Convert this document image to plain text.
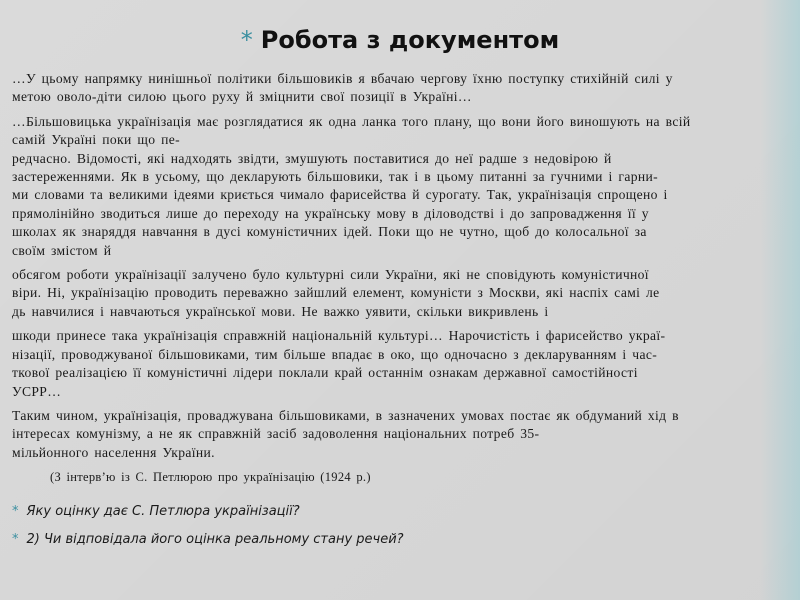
* Робота з документом
…У цьому напрямку нинішньої політики більшовиків я вбачаю чергову їхню поступку стихійній силі у
метою оволо-діти силою цього руху й зміцнити свої позиції в Україні…
…Більшовицька українізація має розглядатися як одна ланка того плану, що вони його виношують на всій
самій Україні поки що пе-
редчасно. Відомості, які надходять звідти, змушують поставитися до неї радше з недовірою й
застереженнями. Як в усьому, що декларують більшовики, так і в цьому питанні за гучними і гарни-
ми словами та великими ідеями криється чимало фарисейства й сурогату. Так, українізація спрощено і
прямолінійно зводиться лише до переходу на українську мову в діловодстві і до запровадження її у
школах як знаряддя навчання в дусі комуністичних ідей. Поки що не чутно, щоб до колосальної за
своїм змістом й
обсягом роботи українізації залучено було культурні сили України, які не сповідують комуністичної
віри. Ні, українізацію проводить переважно зайшлий елемент, комуністи з Москви, які наспіх самі ле
дь навчилися і навчаються української мови. Не важко уявити, скільки викривлень і
шкоди принесе така українізація справжній національній культурі… Нарочистість і фарисейство украї-
нізації, проводжуваної більшовиками, тим більше впадає в око, що одночасно з декларуванням і час-
ткової реалізацією її комуністичні лідери поклали край останнім ознакам державної самостійності
УСРР…
Таким чином, українізація, проваджувана більшовиками, в зазначених умовах постає як обдуманий хід в
інтересах комунізму, а не як справжній засіб задоволення національних потреб 35-
мільйонного населення України.
(З інтерв’ю із С. Петлюрою про українізацію (1924 р.)
* Яку оцінку дає С. Петлюра українізації?
* 2) Чи відповідала його оцінка реальному стану речей?
